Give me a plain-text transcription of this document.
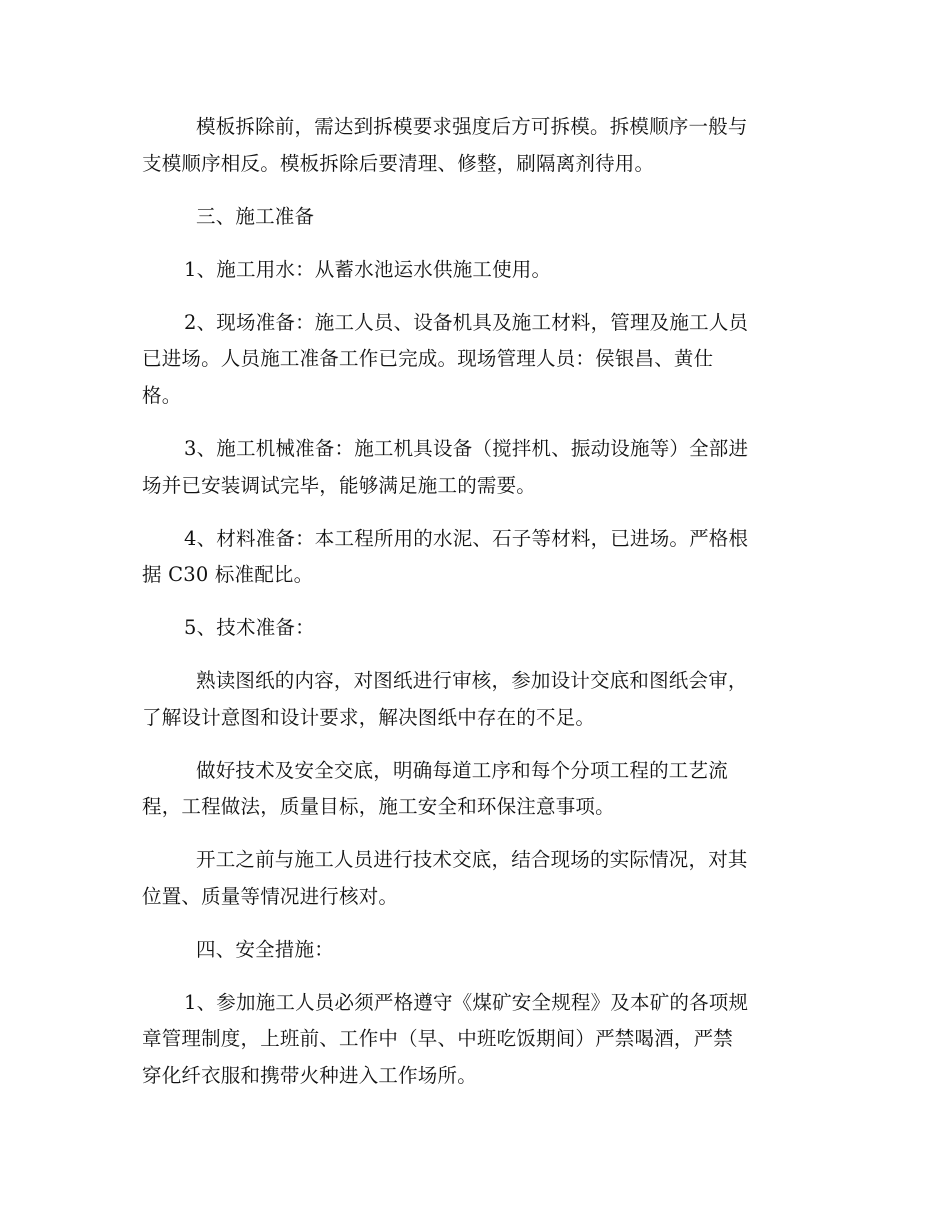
模板拆除前，需达到拆模要求强度后方可拆模。拆模顺序一般与
支模顺序相反。模板拆除后要清理、修整，刷隔离剂待用。
三、施工准备
1、施工用水：从蓄水池运水供施工使用。
2、现场准备：施工人员、设备机具及施工材料，管理及施工人员
已进场。人员施工准备工作已完成。现场管理人员：侯银昌、黄仕
格。
3、施工机械准备：施工机具设备（搅拌机、振动设施等）全部进
场并已安装调试完毕，能够满足施工的需要。
4、材料准备：本工程所用的水泥、石子等材料，已进场。严格根
据 C30 标准配比。
5、技术准备：
熟读图纸的内容，对图纸进行审核，参加设计交底和图纸会审，
了解设计意图和设计要求，解决图纸中存在的不足。
做好技术及安全交底，明确每道工序和每个分项工程的工艺流
程，工程做法，质量目标，施工安全和环保注意事项。
开工之前与施工人员进行技术交底，结合现场的实际情况，对其
位置、质量等情况进行核对。
四、安全措施：
1、参加施工人员必须严格遵守《煤矿安全规程》及本矿的各项规
章管理制度，上班前、工作中（早、中班吃饭期间）严禁喝酒，严禁
穿化纤衣服和携带火种进入工作场所。
